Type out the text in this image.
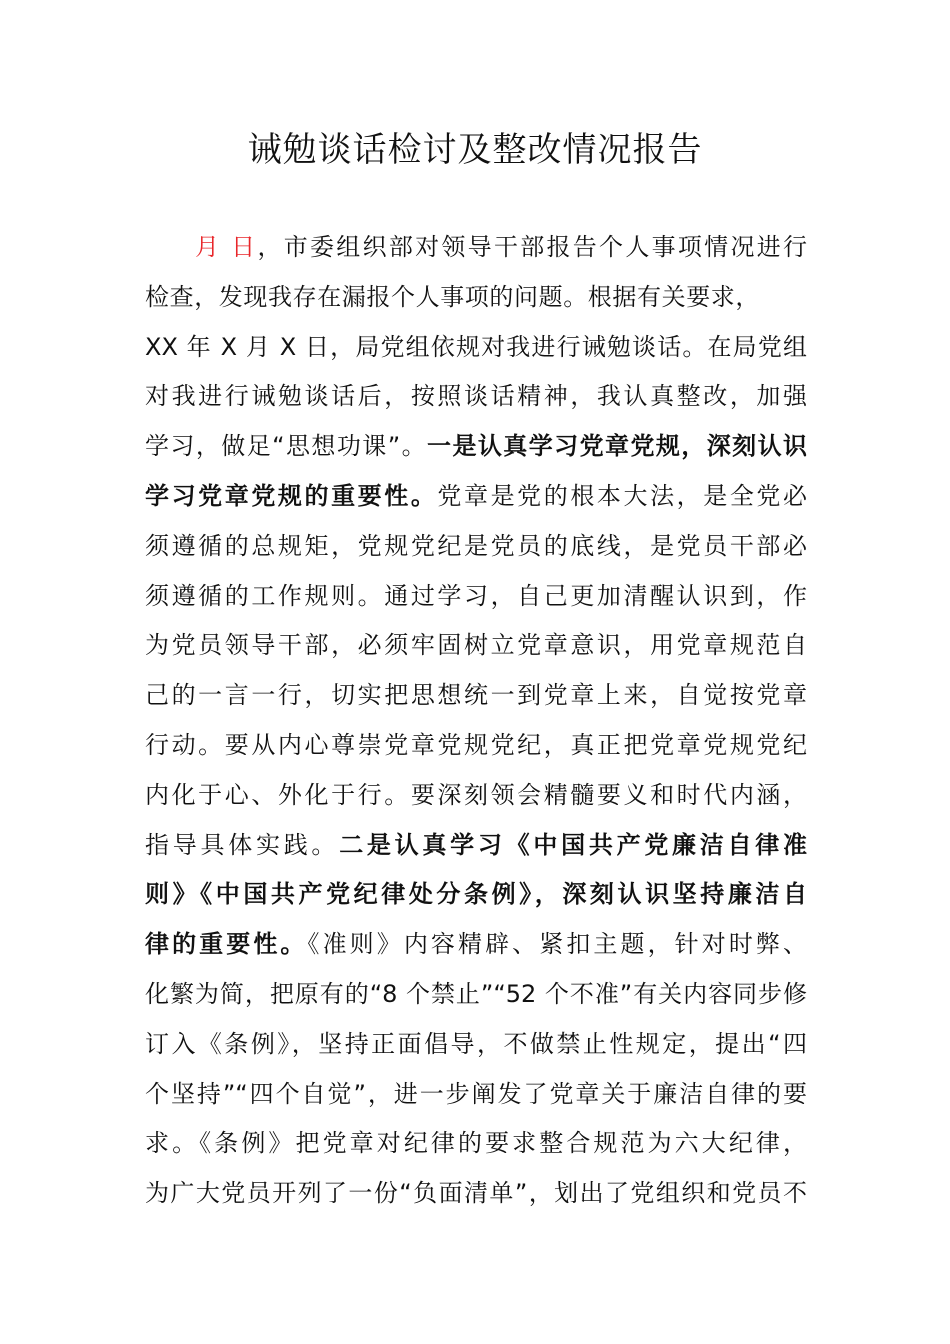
诫勉谈话检讨及整改情况报告
月 日，市委组织部对领导干部报告个人事项情况进行
检查，发现我存在漏报个人事项的问题。根据有关要求，
XX 年 X 月 X 日，局党组依规对我进行诫勉谈话。在局党组
对我进行诫勉谈话后，按照谈话精神，我认真整改，加强
学习，做足“思想功课”。一是认真学习党章党规，深刻认识
学习党章党规的重要性。党章是党的根本大法，是全党必
须遵循的总规矩，党规党纪是党员的底线，是党员干部必
须遵循的工作规则。通过学习，自己更加清醒认识到，作
为党员领导干部，必须牢固树立党章意识，用党章规范自
己的一言一行，切实把思想统一到党章上来，自觉按党章
行动。要从内心尊崇党章党规党纪，真正把党章党规党纪
内化于心、外化于行。要深刻领会精髓要义和时代内涵，
指导具体实践。二是认真学习《中国共产党廉洁自律准
则》《中国共产党纪律处分条例》，深刻认识坚持廉洁自
律的重要性。《准则》内容精辟、紧扣主题，针对时弊、
化繁为简，把原有的“8 个禁止”“52 个不准”有关内容同步修
订入《条例》，坚持正面倡导，不做禁止性规定，提出“四
个坚持”“四个自觉”，进一步阐发了党章关于廉洁自律的要
求。《条例》把党章对纪律的要求整合规范为六大纪律，
为广大党员开列了一份“负面清单”，划出了党组织和党员不
